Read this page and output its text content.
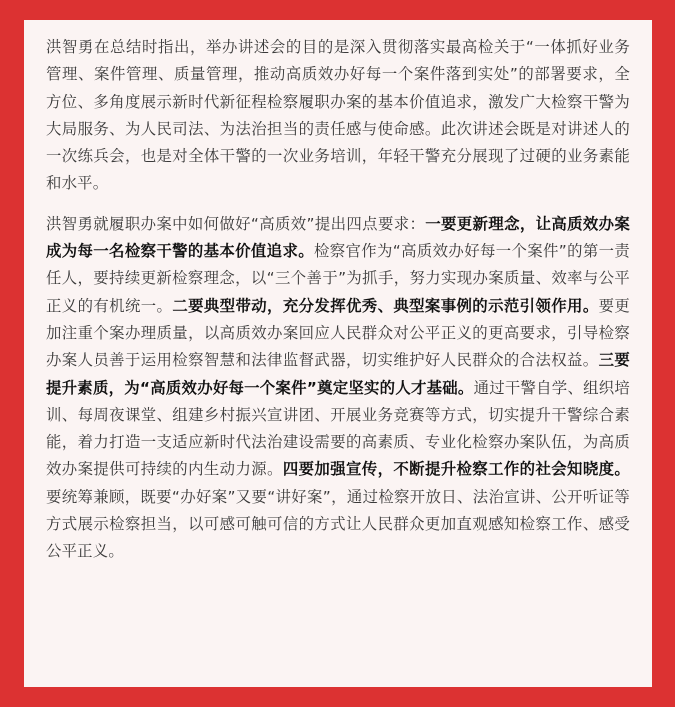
洪智勇在总结时指出，举办讲述会的目的是深入贯彻落实最高检关于“一体抓好业务管理、案件管理、质量管理，推动高质效办好每一个案件落到实处”的部署要求，全方位、多角度展示新时代新征程检察履职办案的基本价值追求，激发广大检察干警为大局服务、为人民司法、为法治担当的责任感与使命感。此次讲述会既是对讲述人的一次练兵会，也是对全体干警的一次业务培训，年轻干警充分展现了过硬的业务素能和水平。

洪智勇就履职办案中如何做好“高质效”提出四点要求：一要更新理念，让高质效办案成为每一名检察干警的基本价值追求。检察官作为“高质效办好每一个案件”的第一责任人，要持续更新检察理念，以“三个善于”为抓手，努力实现办案质量、效率与公平正义的有机统一。二要典型带动，充分发挥优秀、典型案事例的示范引领作用。要更加注重个案办理质量，以高质效办案回应人民群众对公平正义的更高要求，引导检察办案人员善于运用检察智慧和法律监督武器，切实维护好人民群众的合法权益。三要提升素质，为“高质效办好每一个案件”奠定坚实的人才基础。通过干警自学、组织培训、每周夜课堂、组建乡村振兴宣讲团、开展业务竞赛等方式，切实提升干警综合素能，着力打造一支适应新时代法治建设需要的高素质、专业化检察办案队伍，为高质效办案提供可持续的内生动力源。四要加强宣传，不断提升检察工作的社会知晓度。要统筹兼顾，既要“办好案”又要“讲好案”，通过检察开放日、法治宣讲、公开听证等方式展示检察担当，以可感可触可信的方式让人民群众更加直观感知检察工作、感受公平正义。
